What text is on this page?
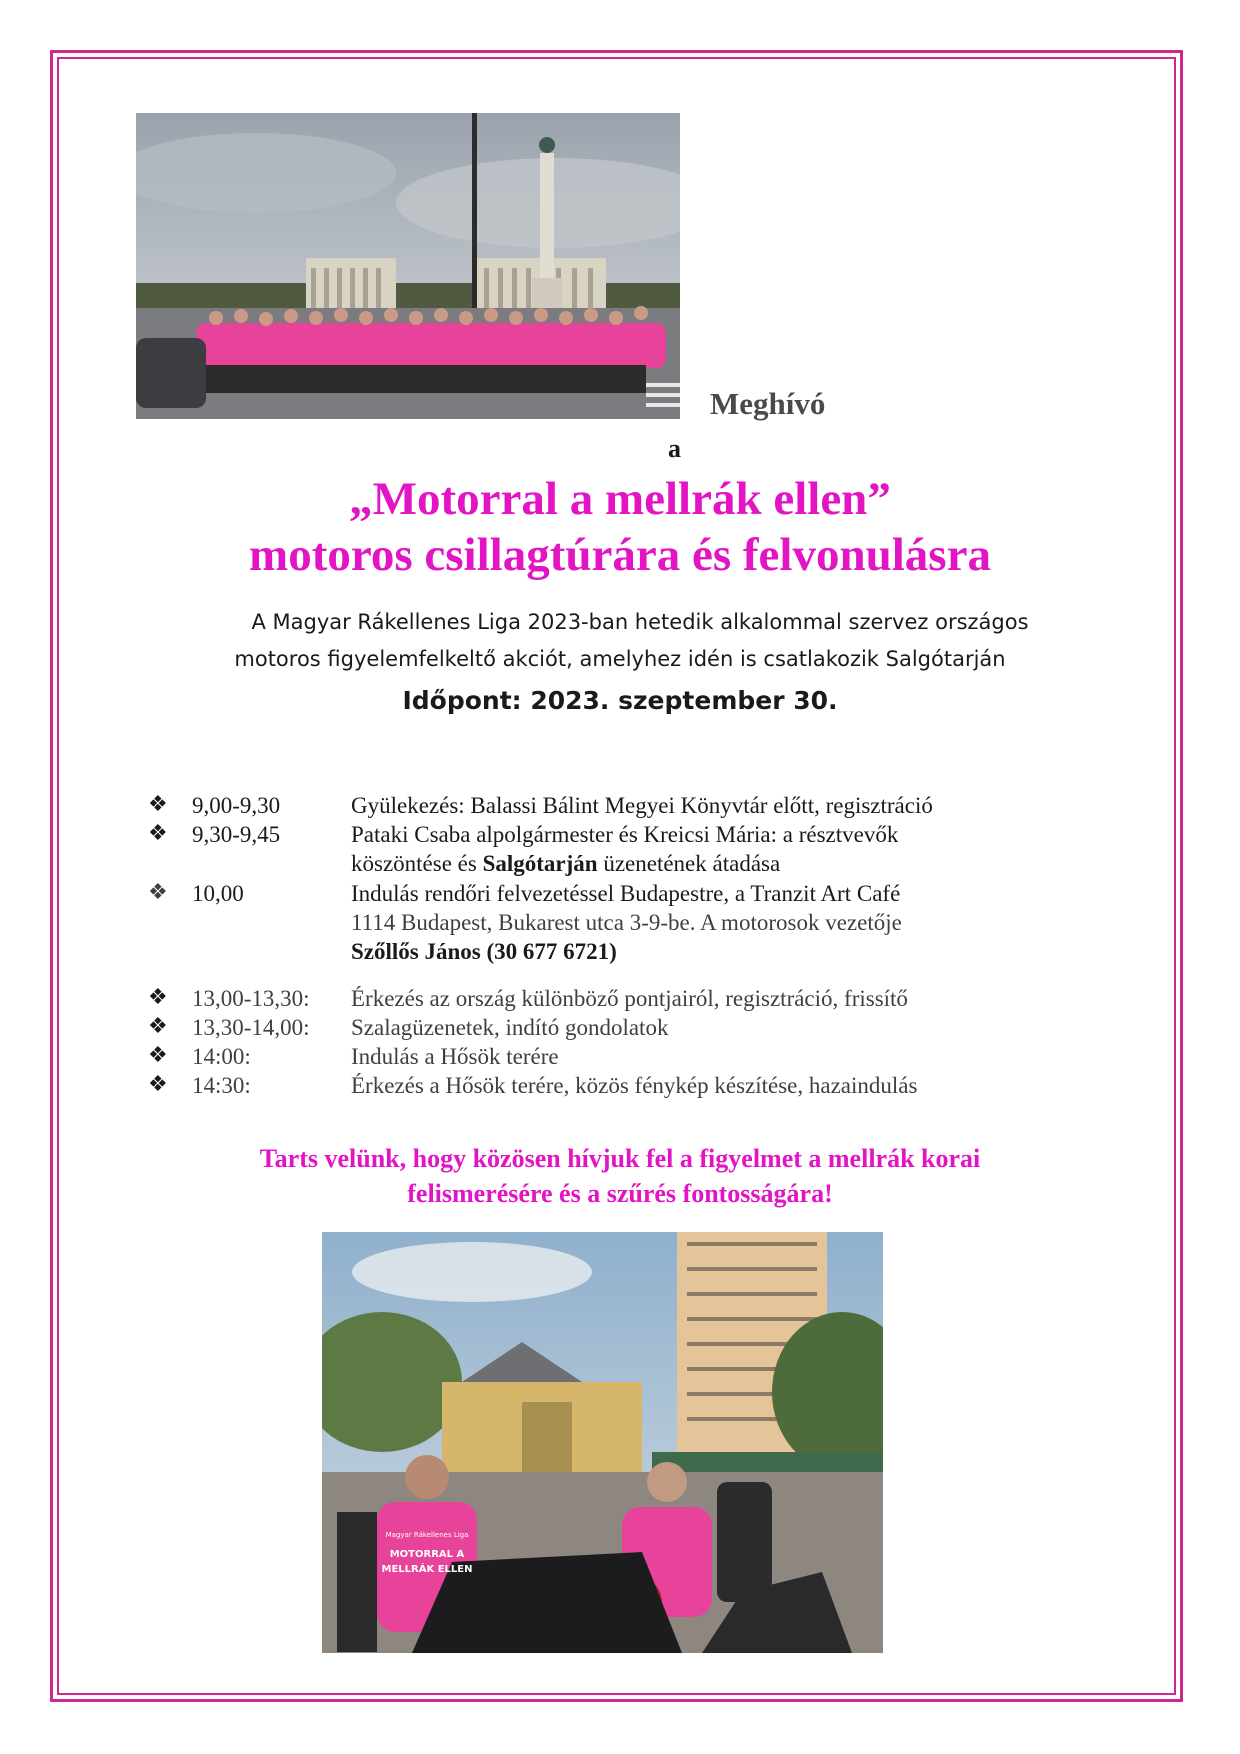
Meghívó
a
„Motorral a mellrák ellen”
motoros csillagtúrára és felvonulásra
A Magyar Rákellenes Liga 2023-ban hetedik alkalommal szervez országos
motoros figyelemfelkeltő akciót, amelyhez idén is csatlakozik Salgótarján
Időpont: 2023. szeptember 30.
❖ 9,00-9,30	Gyülekezés: Balassi Bálint Megyei Könyvtár előtt, regisztráció
❖ 9,30-9,45	Pataki Csaba alpolgármester és Kreicsi Mária: a résztvevők
köszöntése és Salgótarján üzenetének átadása
❖ 10,00	Indulás rendőri felvezetéssel Budapestre, a Tranzit Art Café
1114 Budapest, Bukarest utca 3-9-be. A motorosok vezetője
Szőllős János (30 677 6721)
❖ 13,00-13,30: Érkezés az ország különböző pontjairól, regisztráció, frissítő
❖ 13,30-14,00: Szalagüzenetek, indító gondolatok
❖ 14:00:	Indulás a Hősök terére
❖ 14:30:	Érkezés a Hősök terére, közös fénykép készítése, hazaindulás
Tarts velünk, hogy közösen hívjuk fel a figyelmet a mellrák korai
felismerésére és a szűrés fontosságára!
Magyar Rákellenes Liga
MOTORRAL A
MELLRÁK ELLEN
